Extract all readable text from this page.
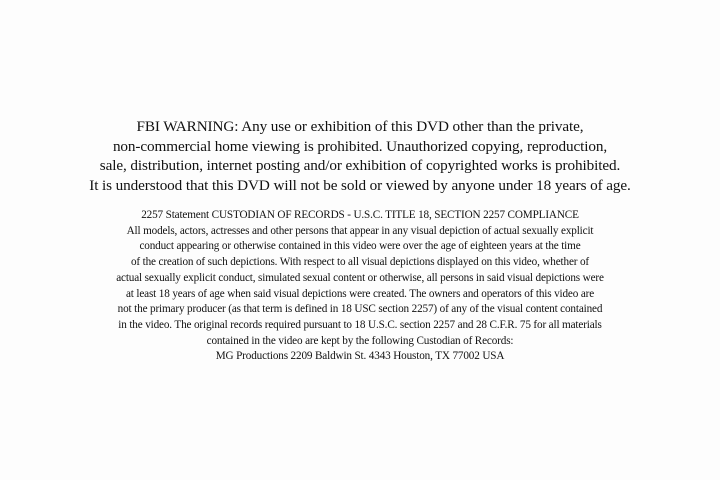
FBI WARNING: Any use or exhibition of this DVD other than the private,
non-commercial home viewing is prohibited. Unauthorized copying, reproduction,
sale, distribution, internet posting and/or exhibition of copyrighted works is prohibited.
It is understood that this DVD will not be sold or viewed by anyone under 18 years of age.
2257 Statement CUSTODIAN OF RECORDS - U.S.C. TITLE 18, SECTION 2257 COMPLIANCE
All models, actors, actresses and other persons that appear in any visual depiction of actual sexually explicit
conduct appearing or otherwise contained in this video were over the age of eighteen years at the time
of the creation of such depictions. With respect to all visual depictions displayed on this video, whether of
actual sexually explicit conduct, simulated sexual content or otherwise, all persons in said visual depictions were
at least 18 years of age when said visual depictions were created. The owners and operators of this video are
not the primary producer (as that term is defined in 18 USC section 2257) of any of the visual content contained
in the video. The original records required pursuant to 18 U.S.C. section 2257 and 28 C.F.R. 75 for all materials
contained in the video are kept by the following Custodian of Records:
MG Productions 2209 Baldwin St. 4343 Houston, TX 77002 USA
